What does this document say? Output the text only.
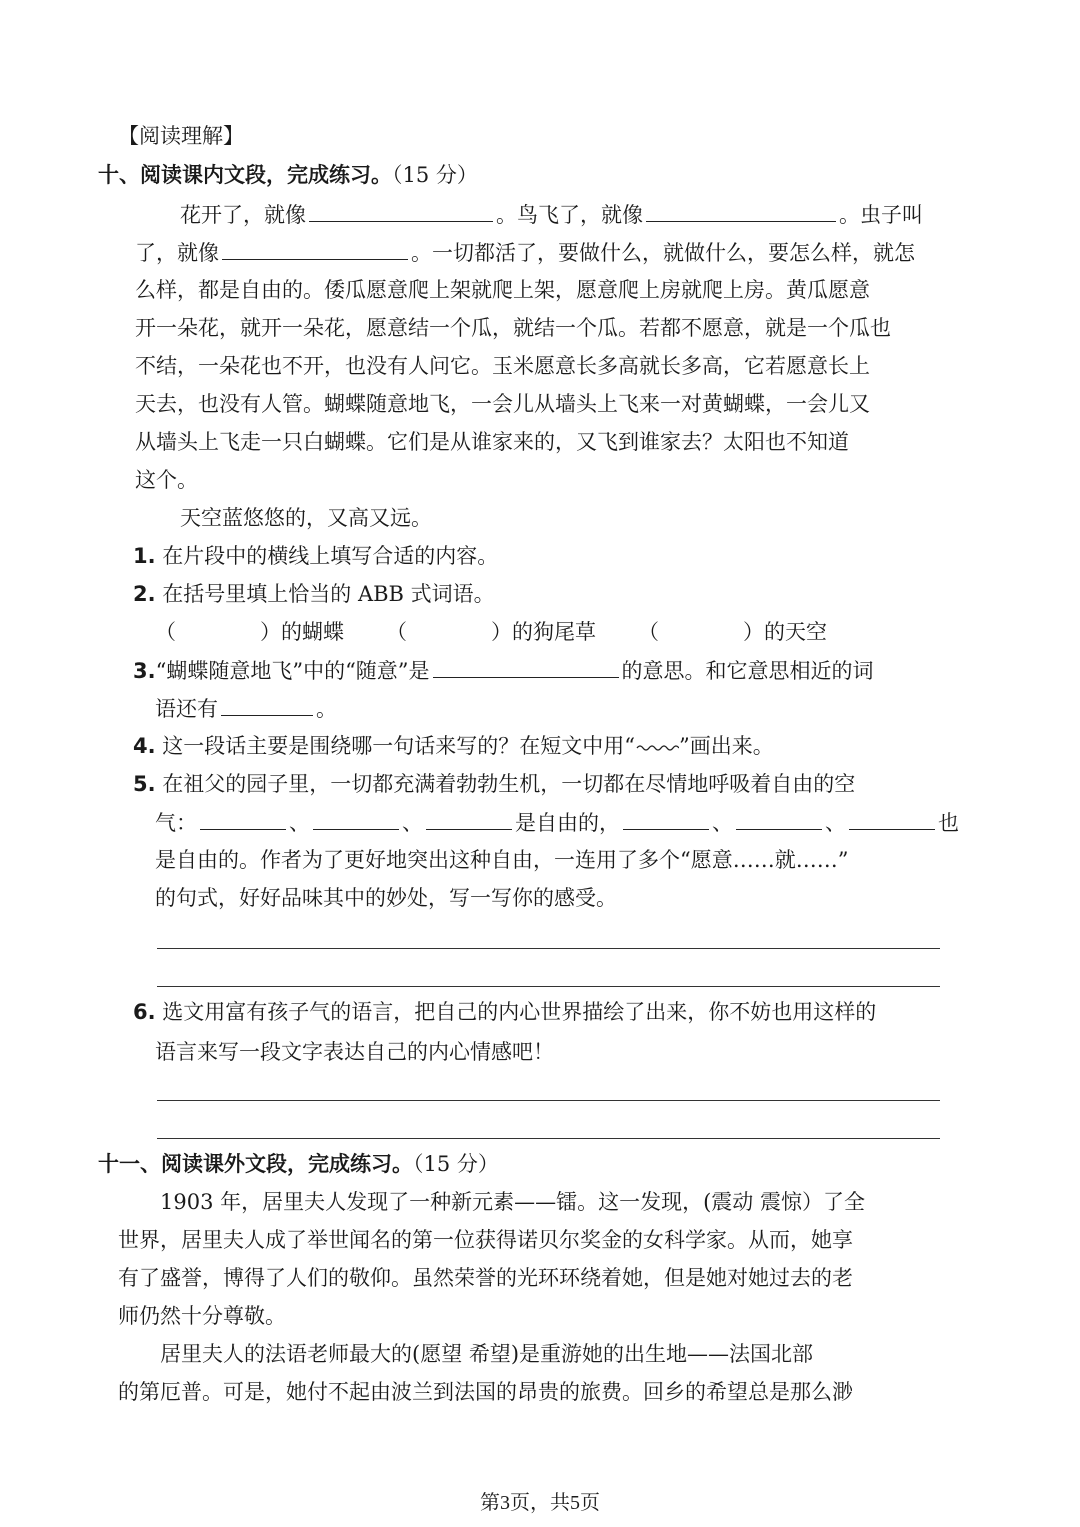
【阅读理解】
十、阅读课内文段，完成练习。（15 分）
花开了，就像	。鸟飞了，就像	。虫子叫
了，就像	。一切都活了，要做什么，就做什么，要怎么样，就怎
么样，都是自由的。倭瓜愿意爬上架就爬上架，愿意爬上房就爬上房。黄瓜愿意
开一朵花，就开一朵花，愿意结一个瓜，就结一个瓜。若都不愿意，就是一个瓜也
不结，一朵花也不开，也没有人问它。玉米愿意长多高就长多高，它若愿意长上
天去，也没有人管。蝴蝶随意地飞，一会儿从墙头上飞来一对黄蝴蝶，一会儿又
从墙头上飞走一只白蝴蝶。它们是从谁家来的，又飞到谁家去？太阳也不知道
这个。
天空蓝悠悠的，又高又远。
1. 在片段中的横线上填写合适的内容。
2. 在括号里填上恰当的 ABB 式词语。
（	）的蝴蝶 （	）的狗尾草 （	）的天空
3.“蝴蝶随意地飞”中的“随意”是	的意思。和它意思相近的词
语还有	。
4. 这一段话主要是围绕哪一句话来写的？在短文中用“ ”画出来。
5. 在祖父的园子里，一切都充满着勃勃生机，一切都在尽情地呼吸着自由的空
气：	、	、	是自由的，	、	、	也
是自由的。作者为了更好地突出这种自由，一连用了多个“愿意……就……”
的句式，好好品味其中的妙处，写一写你的感受。
6. 选文用富有孩子气的语言，把自己的内心世界描绘了出来，你不妨也用这样的
语言来写一段文字表达自己的内心情感吧！
十一、阅读课外文段，完成练习。（15 分）
1903 年，居里夫人发现了一种新元素——镭。这一发现，(震动 震惊）了全
世界，居里夫人成了举世闻名的第一位获得诺贝尔奖金的女科学家。从而，她享
有了盛誉，博得了人们的敬仰。虽然荣誉的光环环绕着她，但是她对她过去的老
师仍然十分尊敬。
居里夫人的法语老师最大的(愿望 希望)是重游她的出生地——法国北部
的第厄普。可是，她付不起由波兰到法国的昂贵的旅费。回乡的希望总是那么渺
第3页，共5页
